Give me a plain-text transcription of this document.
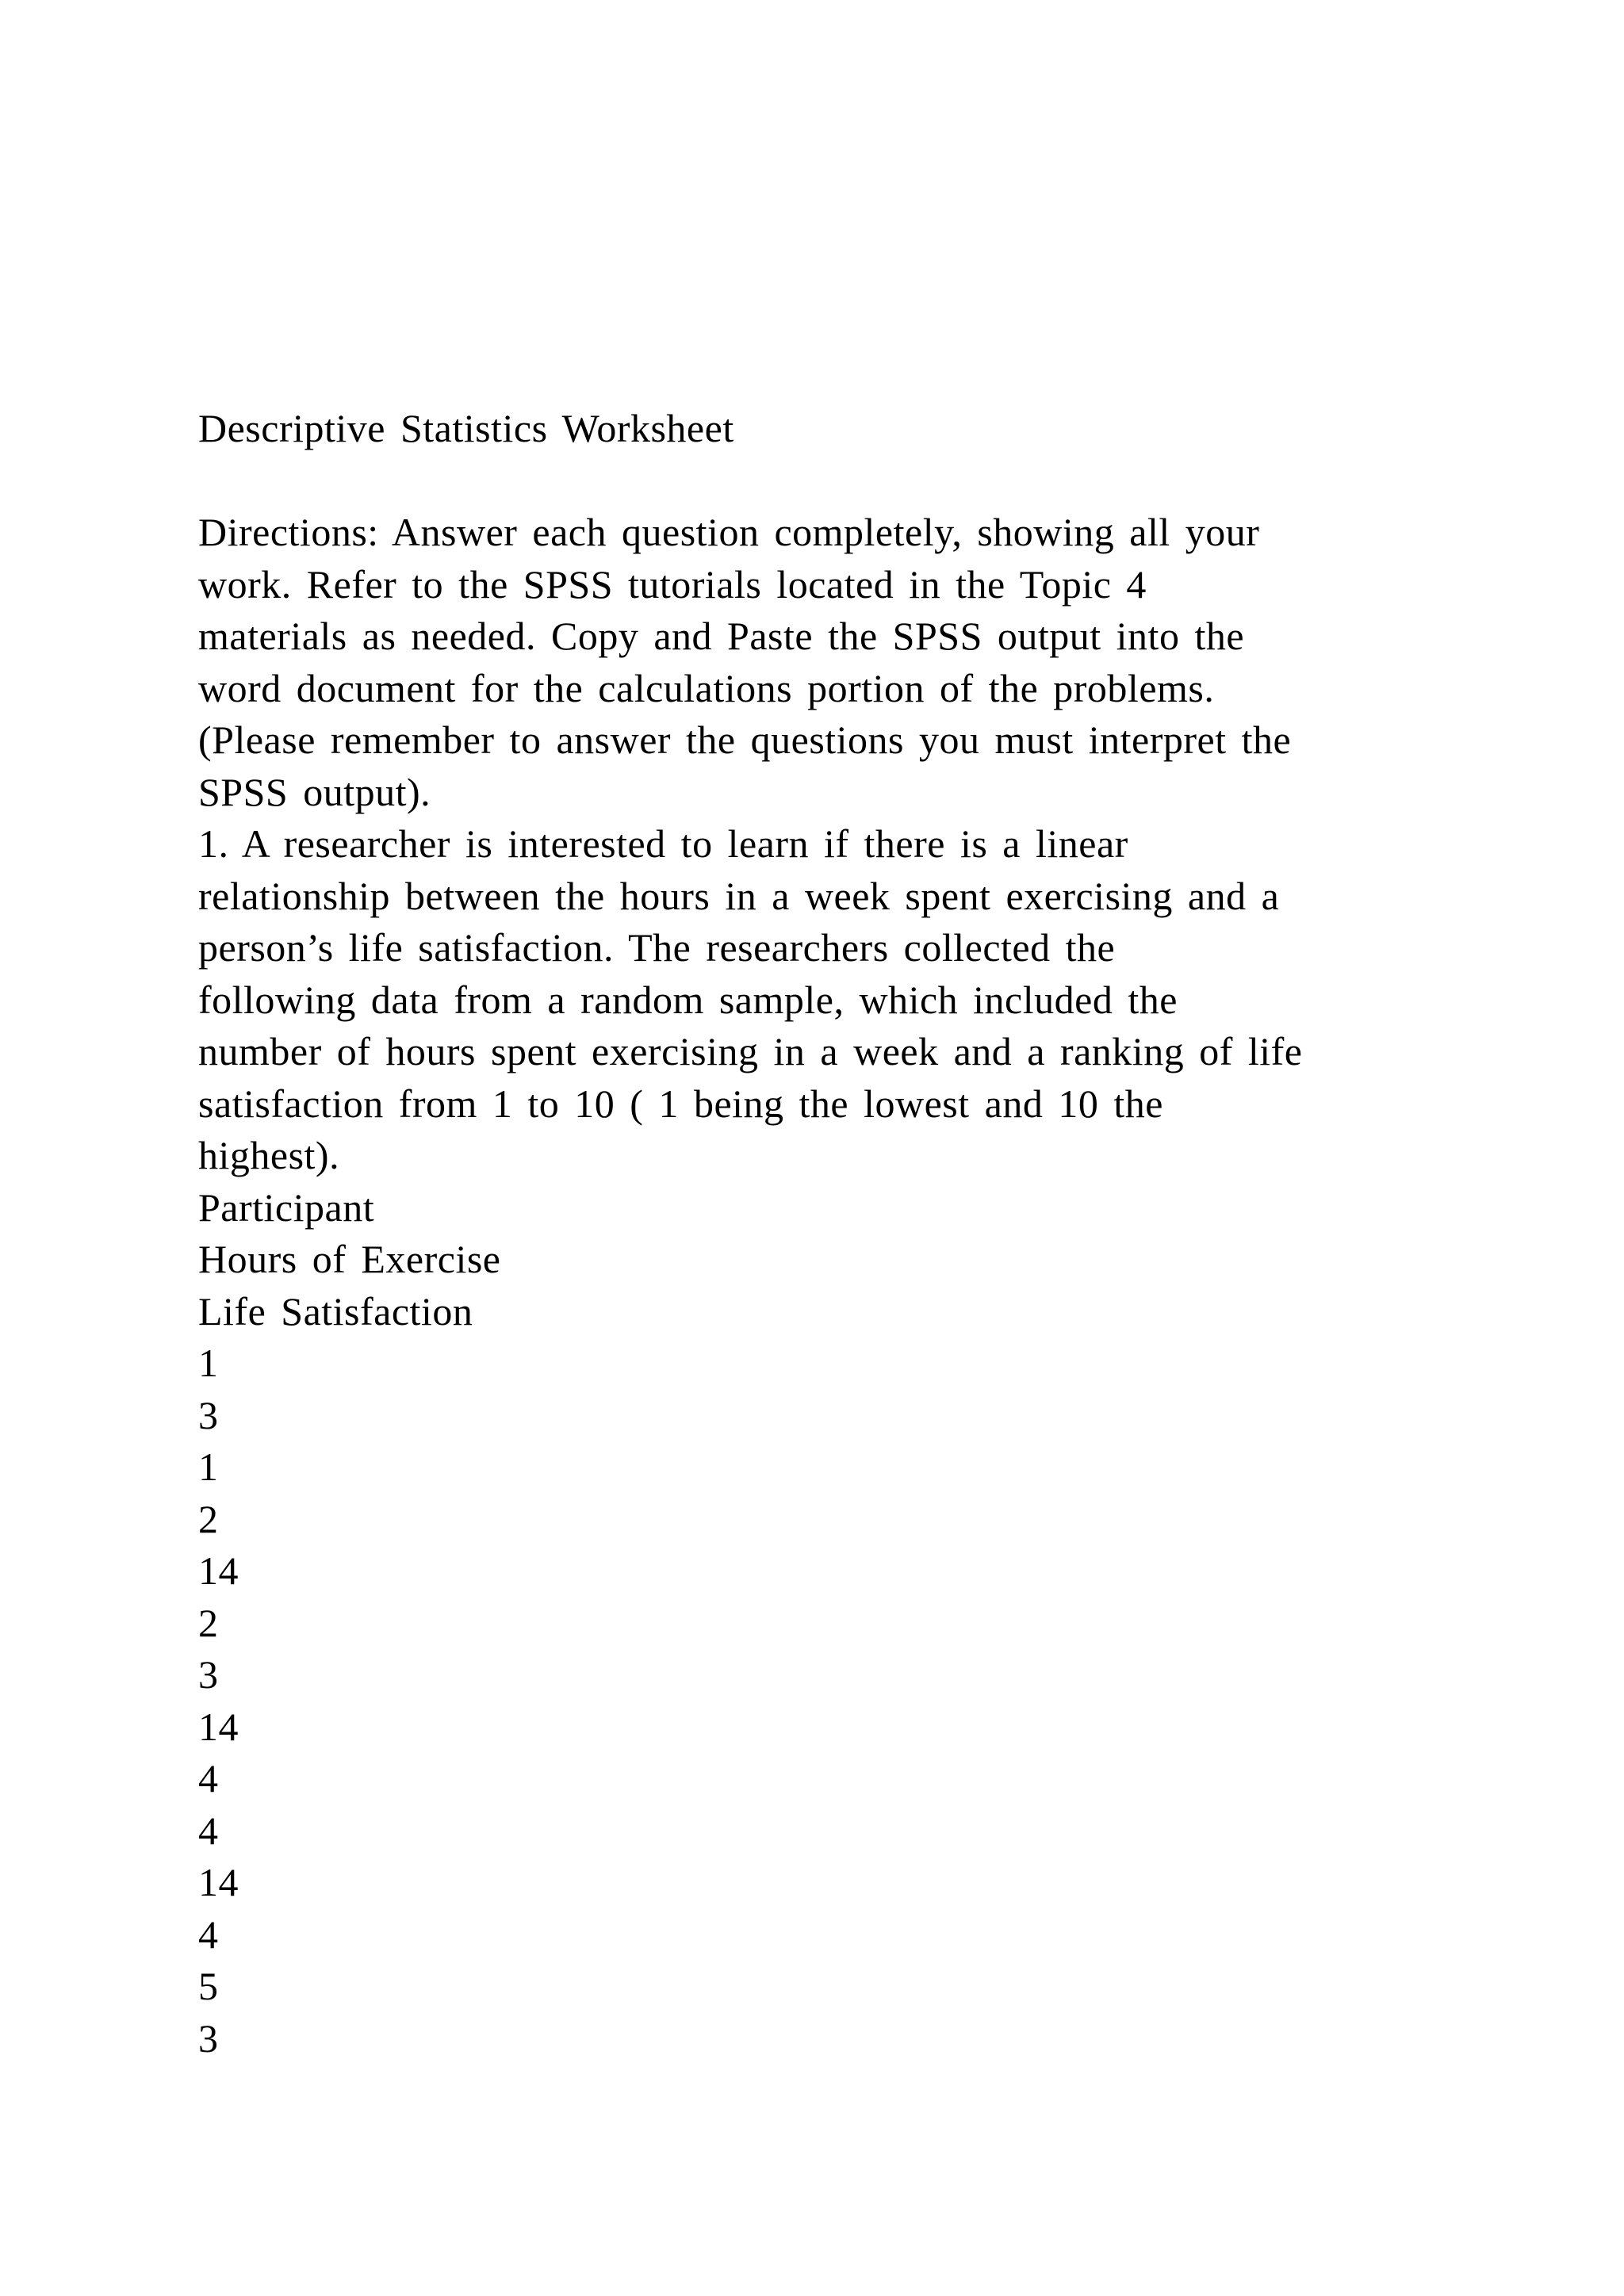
Descriptive Statistics Worksheet
Directions: Answer each question completely, showing all your
work. Refer to the SPSS tutorials located in the Topic 4
materials as needed. Copy and Paste the SPSS output into the
word document for the calculations portion of the problems.
(Please remember to answer the questions you must interpret the
SPSS output).
1. A researcher is interested to learn if there is a linear
relationship between the hours in a week spent exercising and a
person’s life satisfaction. The researchers collected the
following data from a random sample, which included the
number of hours spent exercising in a week and a ranking of life
satisfaction from 1 to 10 ( 1 being the lowest and 10 the
highest).
Participant
Hours of Exercise
Life Satisfaction
1
3
1
2
14
2
3
14
4
4
14
4
5
3
